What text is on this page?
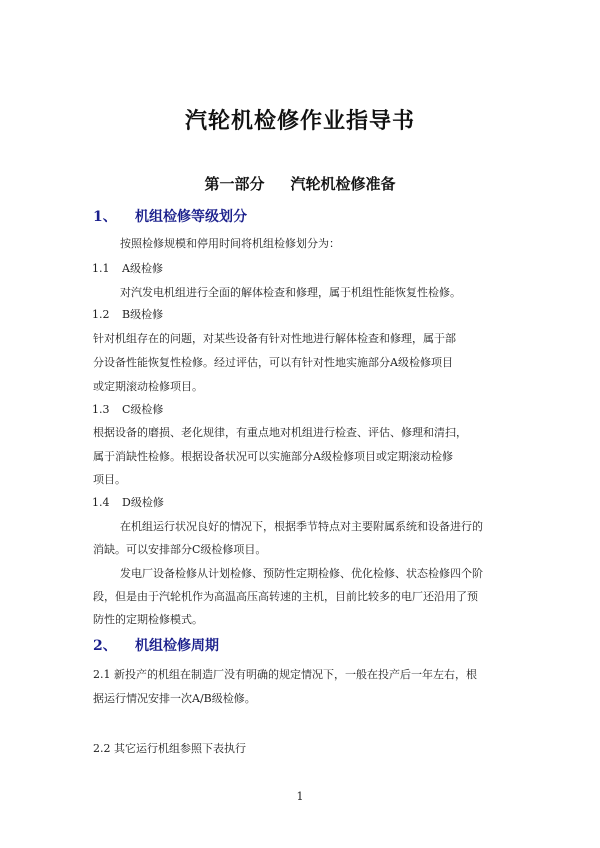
汽轮机检修作业指导书
第一部分 汽轮机检修准备
1、 机组检修等级划分
按照检修规模和停用时间将机组检修划分为：
1.1 A级检修
对汽发电机组进行全面的解体检查和修理，属于机组性能恢复性检修。
1.2 B级检修
针对机组存在的问题，对某些设备有针对性地进行解体检查和修理，属于部
分设备性能恢复性检修。经过评估，可以有针对性地实施部分A级检修项目
或定期滚动检修项目。
1.3 C级检修
根据设备的磨损、老化规律，有重点地对机组进行检查、评估、修理和清扫，
属于消缺性检修。根据设备状况可以实施部分A级检修项目或定期滚动检修
项目。
1.4 D级检修
在机组运行状况良好的情况下，根据季节特点对主要附属系统和设备进行的
消缺。可以安排部分C级检修项目。
发电厂设备检修从计划检修、预防性定期检修、优化检修、状态检修四个阶
段，但是由于汽轮机作为高温高压高转速的主机，目前比较多的电厂还沿用了预
防性的定期检修模式。
2、 机组检修周期
2.1 新投产的机组在制造厂没有明确的规定情况下，一般在投产后一年左右，根
据运行情况安排一次A/B级检修。
2.2 其它运行机组参照下表执行
1
